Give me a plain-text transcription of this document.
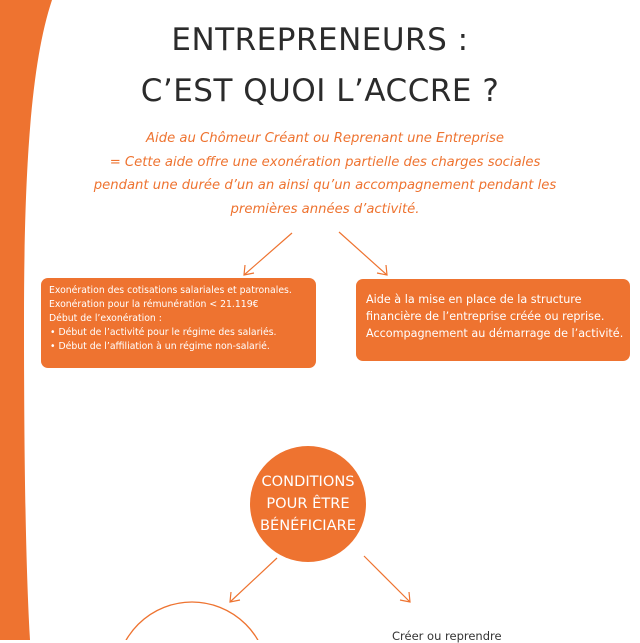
ENTREPRENEURS :
C’EST QUOI L’ACCRE ?
Aide au Chômeur Créant ou Reprenant une Entreprise
= Cette aide offre une exonération partielle des charges sociales
pendant une durée d’un an ainsi qu’un accompagnement pendant les
premières années d’activité.
Exonération des cotisations salariales et patronales.
Exonération pour la rémunération < 21.119€
Début de l’exonération :
• Début de l’activité pour le régime des salariés.
• Début de l’affiliation à un régime non-salarié.
Aide à la mise en place de la structure
financière de l’entreprise créée ou reprise.
Accompagnement au démarrage de l’activité.
CONDITIONS
POUR ÊTRE
BÉNÉFICIARE
Créer ou reprendre
